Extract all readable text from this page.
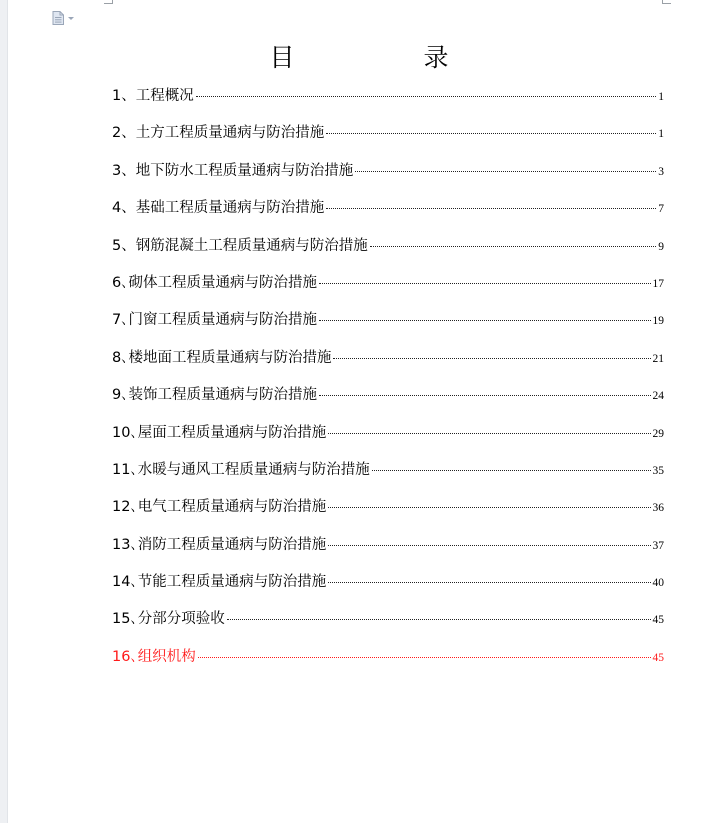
目　录
1、工程概况	1
2、土方工程质量通病与防治措施	1
3、地下防水工程质量通病与防治措施	3
4、基础工程质量通病与防治措施	7
5、钢筋混凝土工程质量通病与防治措施	9
6､砌体工程质量通病与防治措施	17
7､门窗工程质量通病与防治措施	19
8､楼地面工程质量通病与防治措施	21
9､装饰工程质量通病与防治措施	24
10､屋面工程质量通病与防治措施	29
11､水暖与通风工程质量通病与防治措施	35
12､电气工程质量通病与防治措施	36
13､消防工程质量通病与防治措施	37
14､节能工程质量通病与防治措施	40
15､分部分项验收	45
16､组织机构	45
